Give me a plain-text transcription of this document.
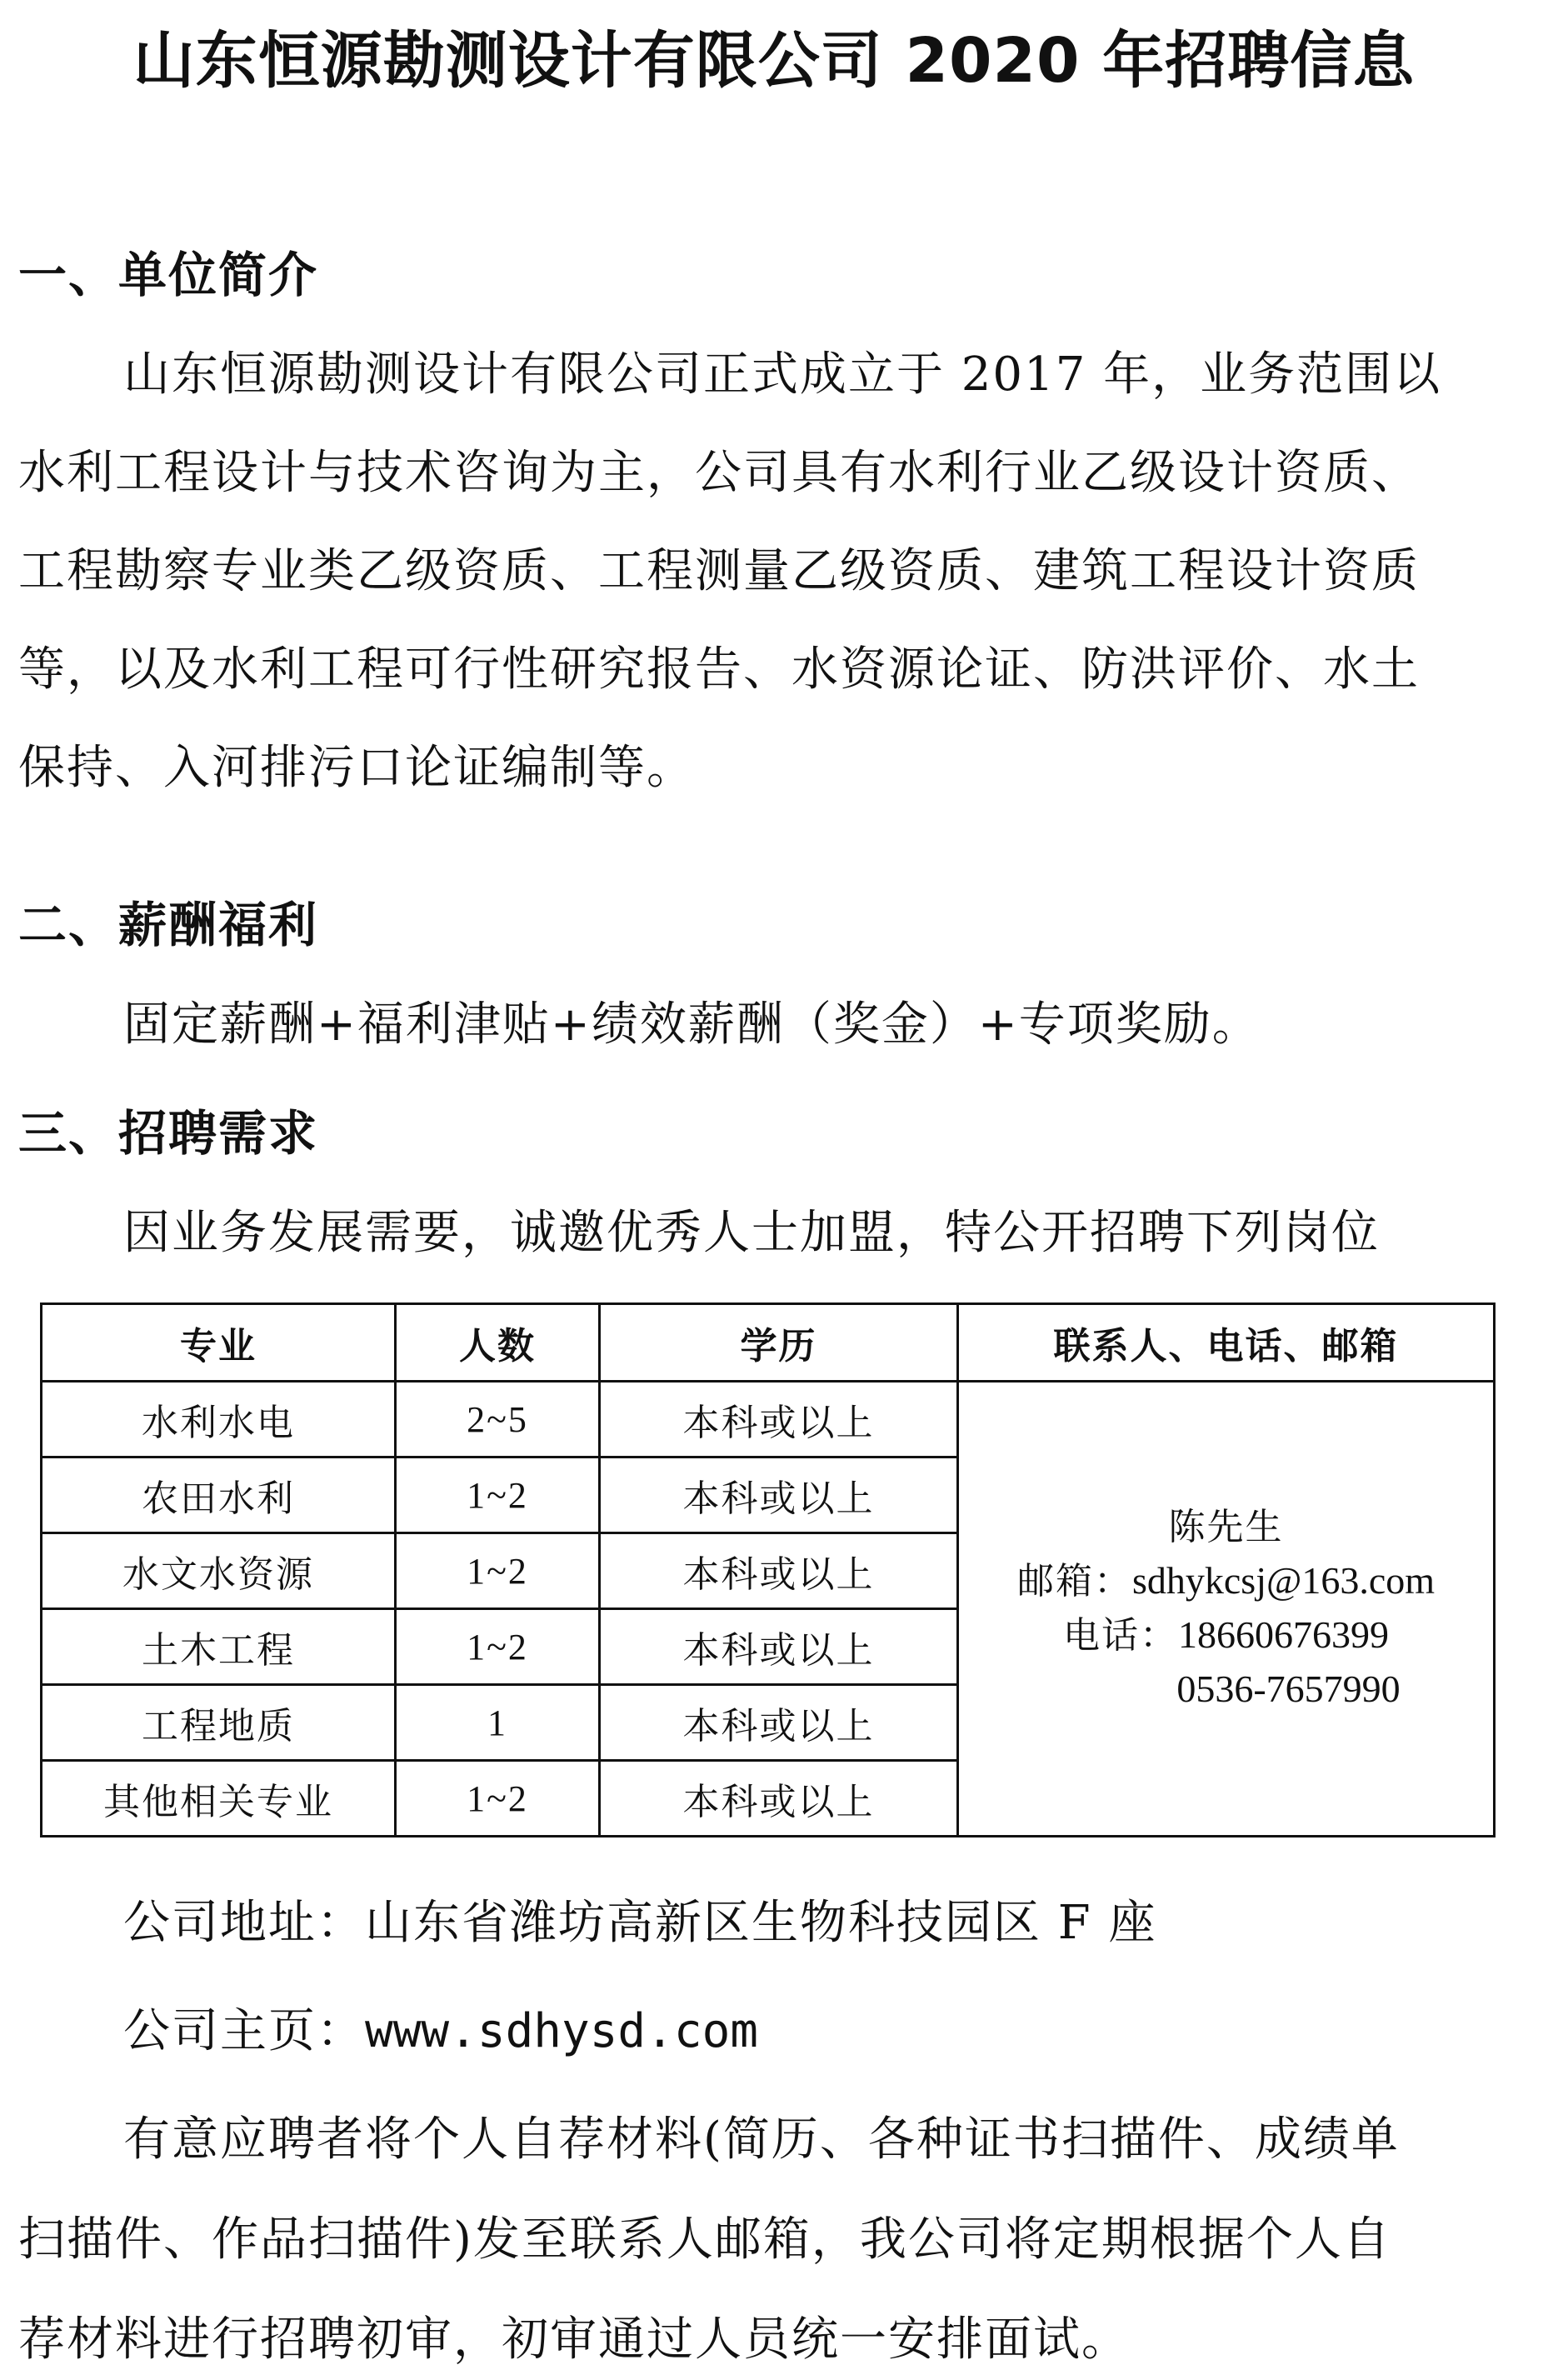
山东恒源勘测设计有限公司 2020 年招聘信息
一、单位简介
山东恒源勘测设计有限公司正式成立于 2017 年，业务范围以
水利工程设计与技术咨询为主，公司具有水利行业乙级设计资质、
工程勘察专业类乙级资质、工程测量乙级资质、建筑工程设计资质
等，以及水利工程可行性研究报告、水资源论证、防洪评价、水土
保持、入河排污口论证编制等。
二、薪酬福利
固定薪酬+福利津贴+绩效薪酬（奖金）+专项奖励。
三、招聘需求
因业务发展需要，诚邀优秀人士加盟，特公开招聘下列岗位
专业	人数	学历	联系人、电话、邮箱
水利水电	2~5	本科或以上	陈先生
邮箱：sdhykcsj@163.com
电话：18660676399
0536-7657990

农田水利	1~2	本科或以上	
水文水资源	1~2	本科或以上	
土木工程	1~2	本科或以上	
工程地质	1	本科或以上	
其他相关专业	1~2	本科或以上	
公司地址：山东省潍坊高新区生物科技园区 F 座
公司主页：www.sdhysd.com
有意应聘者将个人自荐材料(简历、各种证书扫描件、成绩单
扫描件、作品扫描件)发至联系人邮箱，我公司将定期根据个人自
荐材料进行招聘初审，初审通过人员统一安排面试。
